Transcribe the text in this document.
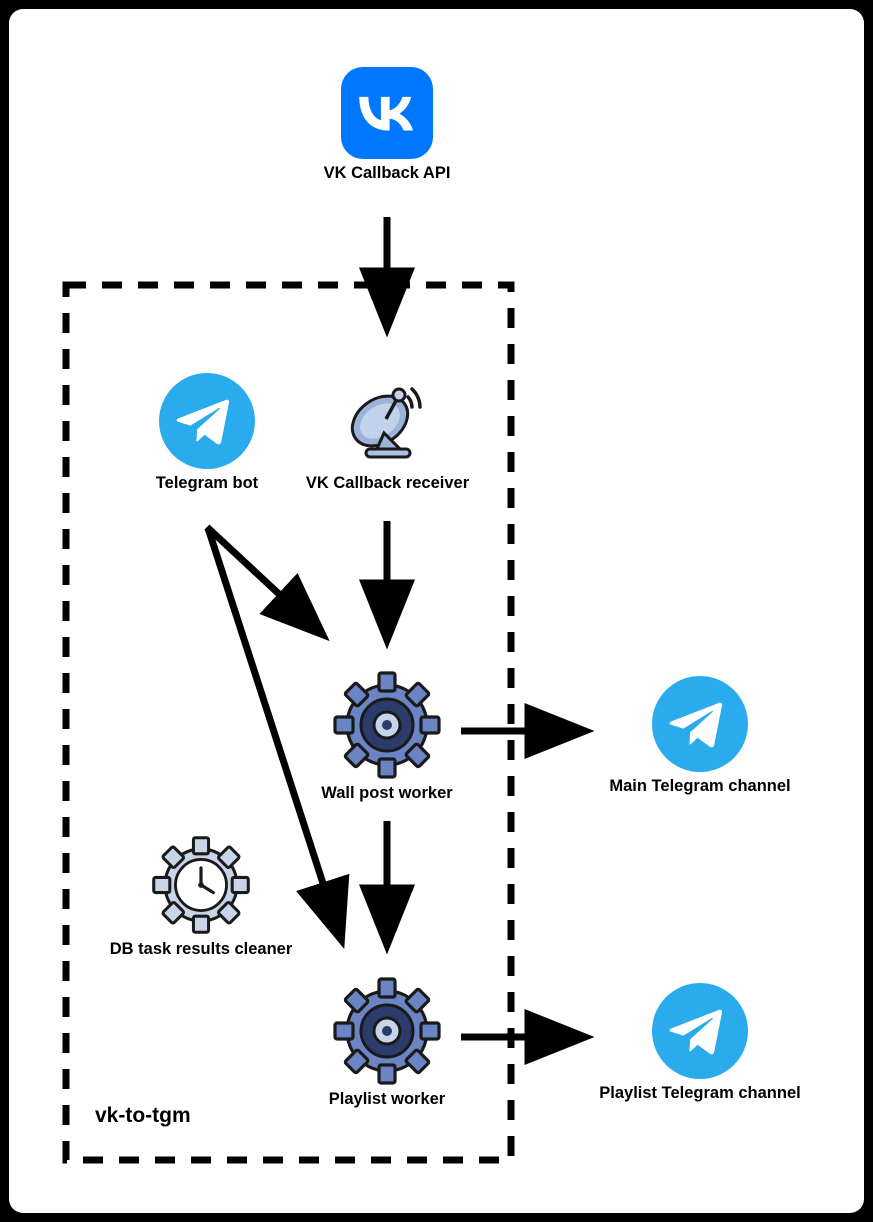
VK Callback API
Telegram bot	VK Callback receiver
Wall post worker
DB task results cleaner
Playlist worker
Main Telegram channel
Playlist Telegram channel
vk-to-tgm
